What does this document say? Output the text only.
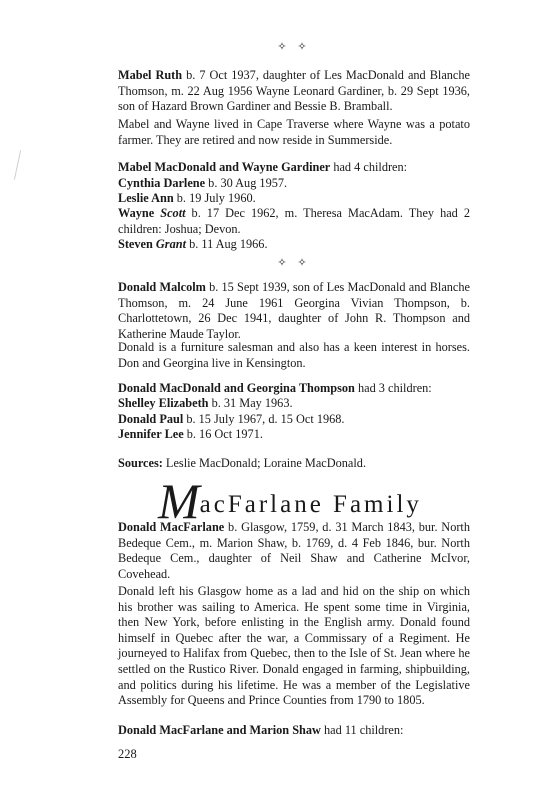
✧ ✧

Mabel Ruth b. 7 Oct 1937, daughter of Les MacDonald and Blanche Thomson, m. 22 Aug 1956 Wayne Leonard Gardiner, b. 29 Sept 1936, son of Hazard Brown Gardiner and Bessie B. Bramball.

Mabel and Wayne lived in Cape Traverse where Wayne was a potato farmer. They are retired and now reside in Summerside.

Mabel MacDonald and Wayne Gardiner had 4 children:
Cynthia Darlene b. 30 Aug 1957.
Leslie Ann b. 19 July 1960.

Wayne Scott b. 17 Dec 1962, m. Theresa MacAdam. They had 2 children: Joshua; Devon.

Steven Grant b. 11 Aug 1966.
✧ ✧

Donald Malcolm b. 15 Sept 1939, son of Les MacDonald and Blanche Thomson, m. 24 June 1961 Georgina Vivian Thompson, b. Charlottetown, 26 Dec 1941, daughter of John R. Thompson and Katherine Maude Taylor.

Donald is a furniture salesman and also has a keen interest in horses. Don and Georgina live in Kensington.

Donald MacDonald and Georgina Thompson had 3 children:
Shelley Elizabeth b. 31 May 1963.
Donald Paul b. 15 July 1967, d. 15 Oct 1968.
Jennifer Lee b. 16 Oct 1971.
Sources: Leslie MacDonald; Loraine MacDonald.
MacFarlane Family

Donald MacFarlane b. Glasgow, 1759, d. 31 March 1843, bur. North Bedeque Cem., m. Marion Shaw, b. 1769, d. 4 Feb 1846, bur. North Bedeque Cem., daughter of Neil Shaw and Catherine McIvor, Covehead.

Donald left his Glasgow home as a lad and hid on the ship on which his brother was sailing to America. He spent some time in Virginia, then New York, before enlisting in the English army. Donald found himself in Quebec after the war, a Commissary of a Regiment. He journeyed to Halifax from Quebec, then to the Isle of St. Jean where he settled on the Rustico River. Donald engaged in farming, shipbuilding, and politics during his lifetime. He was a member of the Legislative Assembly for Queens and Prince Counties from 1790 to 1805.

Donald MacFarlane and Marion Shaw had 11 children:
228
